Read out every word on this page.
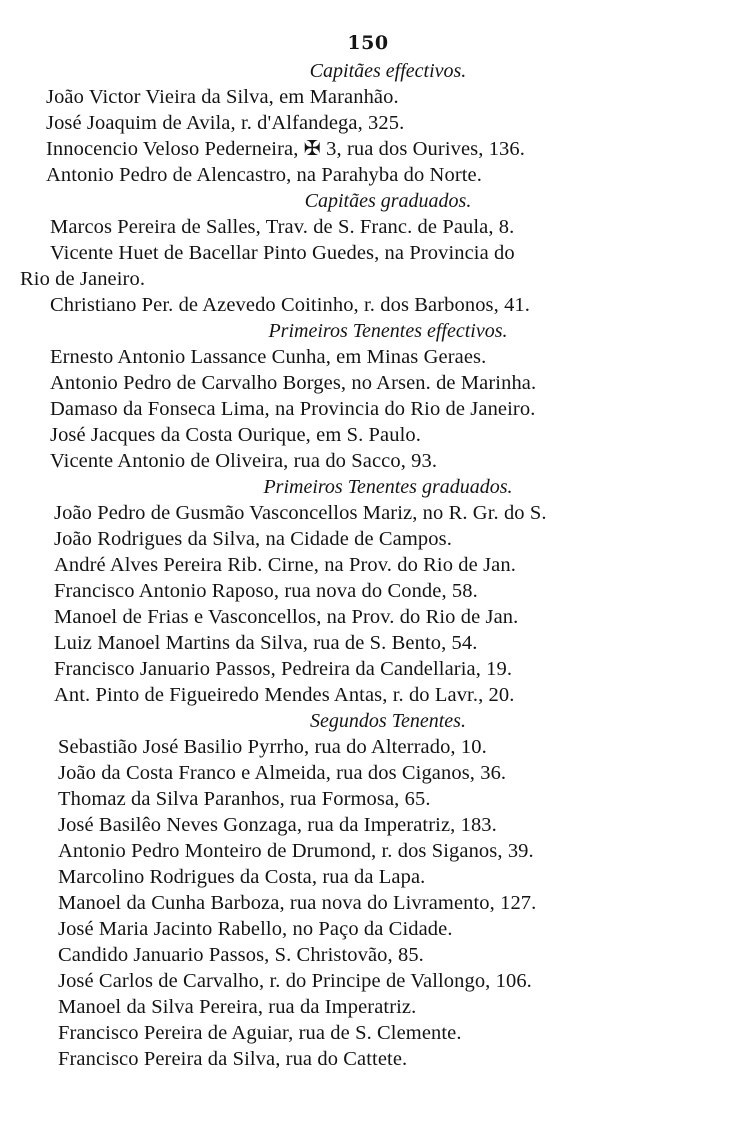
150
Capitães effectivos.
João Victor Vieira da Silva, em Maranhão.
José Joaquim de Avila, r. d'Alfandega, 325.
Innocencio Veloso Pederneira, ✠ 3, rua dos Ourives, 136.
Antonio Pedro de Alencastro, na Parahyba do Norte.
Capitães graduados.
Marcos Pereira de Salles, Trav. de S. Franc. de Paula, 8.
Vicente Huet de Bacellar Pinto Guedes, na Provincia do
Rio de Janeiro.
Christiano Per. de Azevedo Coitinho, r. dos Barbonos, 41.
Primeiros Tenentes effectivos.
Ernesto Antonio Lassance Cunha, em Minas Geraes.
Antonio Pedro de Carvalho Borges, no Arsen. de Marinha.
Damaso da Fonseca Lima, na Provincia do Rio de Janeiro.
José Jacques da Costa Ourique, em S. Paulo.
Vicente Antonio de Oliveira, rua do Sacco, 93.
Primeiros Tenentes graduados.
João Pedro de Gusmão Vasconcellos Mariz, no R. Gr. do S.
João Rodrigues da Silva, na Cidade de Campos.
André Alves Pereira Rib. Cirne, na Prov. do Rio de Jan.
Francisco Antonio Raposo, rua nova do Conde, 58.
Manoel de Frias e Vasconcellos, na Prov. do Rio de Jan.
Luiz Manoel Martins da Silva, rua de S. Bento, 54.
Francisco Januario Passos, Pedreira da Candellaria, 19.
Ant. Pinto de Figueiredo Mendes Antas, r. do Lavr., 20.
Segundos Tenentes.
Sebastião José Basilio Pyrrho, rua do Alterrado, 10.
João da Costa Franco e Almeida, rua dos Ciganos, 36.
Thomaz da Silva Paranhos, rua Formosa, 65.
José Basilêo Neves Gonzaga, rua da Imperatriz, 183.
Antonio Pedro Monteiro de Drumond, r. dos Siganos, 39.
Marcolino Rodrigues da Costa, rua da Lapa.
Manoel da Cunha Barboza, rua nova do Livramento, 127.
José Maria Jacinto Rabello, no Paço da Cidade.
Candido Januario Passos, S. Christovão, 85.
José Carlos de Carvalho, r. do Principe de Vallongo, 106.
Manoel da Silva Pereira, rua da Imperatriz.
Francisco Pereira de Aguiar, rua de S. Clemente.
Francisco Pereira da Silva, rua do Cattete.
